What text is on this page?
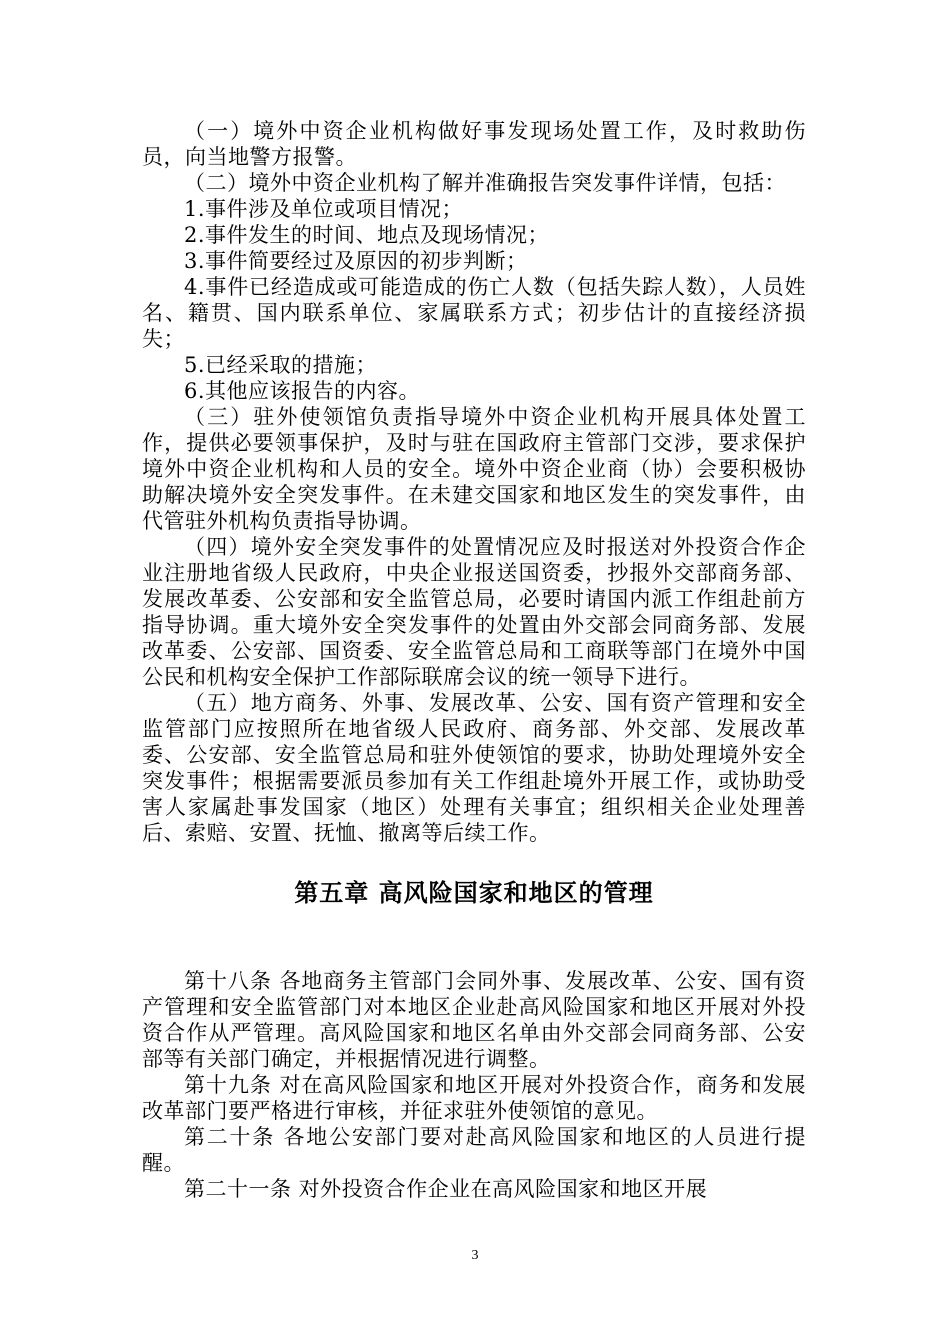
（一）境外中资企业机构做好事发现场处置工作，及时救助伤员，向当地警方报警。

（二）境外中资企业机构了解并准确报告突发事件详情，包括：

1.事件涉及单位或项目情况；

2.事件发生的时间、地点及现场情况；

3.事件简要经过及原因的初步判断；

4.事件已经造成或可能造成的伤亡人数（包括失踪人数），人员姓名、籍贯、国内联系单位、家属联系方式；初步估计的直接经济损失；

5.已经采取的措施；

6.其他应该报告的内容。

（三）驻外使领馆负责指导境外中资企业机构开展具体处置工作，提供必要领事保护，及时与驻在国政府主管部门交涉，要求保护境外中资企业机构和人员的安全。境外中资企业商（协）会要积极协助解决境外安全突发事件。在未建交国家和地区发生的突发事件，由代管驻外机构负责指导协调。

（四）境外安全突发事件的处置情况应及时报送对外投资合作企业注册地省级人民政府，中央企业报送国资委，抄报外交部商务部、发展改革委、公安部和安全监管总局，必要时请国内派工作组赴前方指导协调。重大境外安全突发事件的处置由外交部会同商务部、发展改革委、公安部、国资委、安全监管总局和工商联等部门在境外中国公民和机构安全保护工作部际联席会议的统一领导下进行。

（五）地方商务、外事、发展改革、公安、国有资产管理和安全监管部门应按照所在地省级人民政府、商务部、外交部、发展改革委、公安部、安全监管总局和驻外使领馆的要求，协助处理境外安全突发事件；根据需要派员参加有关工作组赴境外开展工作，或协助受害人家属赴事发国家（地区）处理有关事宜；组织相关企业处理善后、索赔、安置、抚恤、撤离等后续工作。

第五章 高风险国家和地区的管理

第十八条 各地商务主管部门会同外事、发展改革、公安、国有资产管理和安全监管部门对本地区企业赴高风险国家和地区开展对外投资合作从严管理。高风险国家和地区名单由外交部会同商务部、公安部等有关部门确定，并根据情况进行调整。

第十九条 对在高风险国家和地区开展对外投资合作，商务和发展改革部门要严格进行审核，并征求驻外使领馆的意见。

第二十条 各地公安部门要对赴高风险国家和地区的人员进行提醒。

第二十一条 对外投资合作企业在高风险国家和地区开展

3
